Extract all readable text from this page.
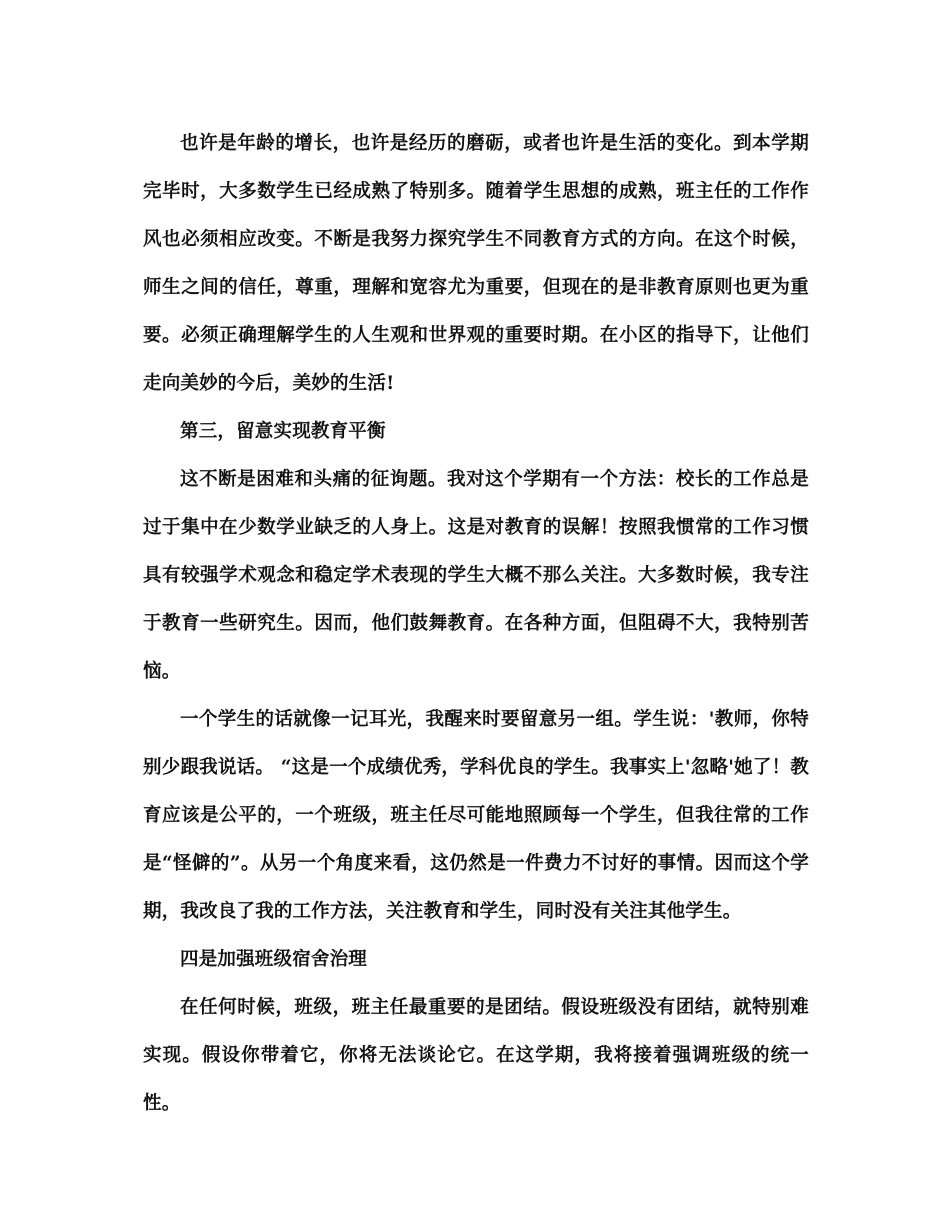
也许是年龄的增长，也许是经历的磨砺，或者也许是生活的变化。到本学期完毕时，大多数学生已经成熟了特别多。随着学生思想的成熟，班主任的工作作风也必须相应改变。不断是我努力探究学生不同教育方式的方向。在这个时候，师生之间的信任，尊重，理解和宽容尤为重要，但现在的是非教育原则也更为重要。必须正确理解学生的人生观和世界观的重要时期。在小区的指导下，让他们走向美妙的今后，美妙的生活!

第三，留意实现教育平衡

这不断是困难和头痛的征询题。我对这个学期有一个方法：校长的工作总是过于集中在少数学业缺乏的人身上。这是对教育的误解！按照我惯常的工作习惯具有较强学术观念和稳定学术表现的学生大概不那么关注。大多数时候，我专注于教育一些研究生。因而，他们鼓舞教育。在各种方面，但阻碍不大，我特别苦恼。

一个学生的话就像一记耳光，我醒来时要留意另一组。学生说：'教师，你特别少跟我说话。 “这是一个成绩优秀，学科优良的学生。我事实上'忽略'她了！教育应该是公平的，一个班级，班主任尽可能地照顾每一个学生，但我往常的工作是“怪僻的”。从另一个角度来看，这仍然是一件费力不讨好的事情。因而这个学期，我改良了我的工作方法，关注教育和学生，同时没有关注其他学生。

四是加强班级宿舍治理

在任何时候，班级，班主任最重要的是团结。假设班级没有团结，就特别难实现。假设你带着它，你将无法谈论它。在这学期，我将接着强调班级的统一性。
